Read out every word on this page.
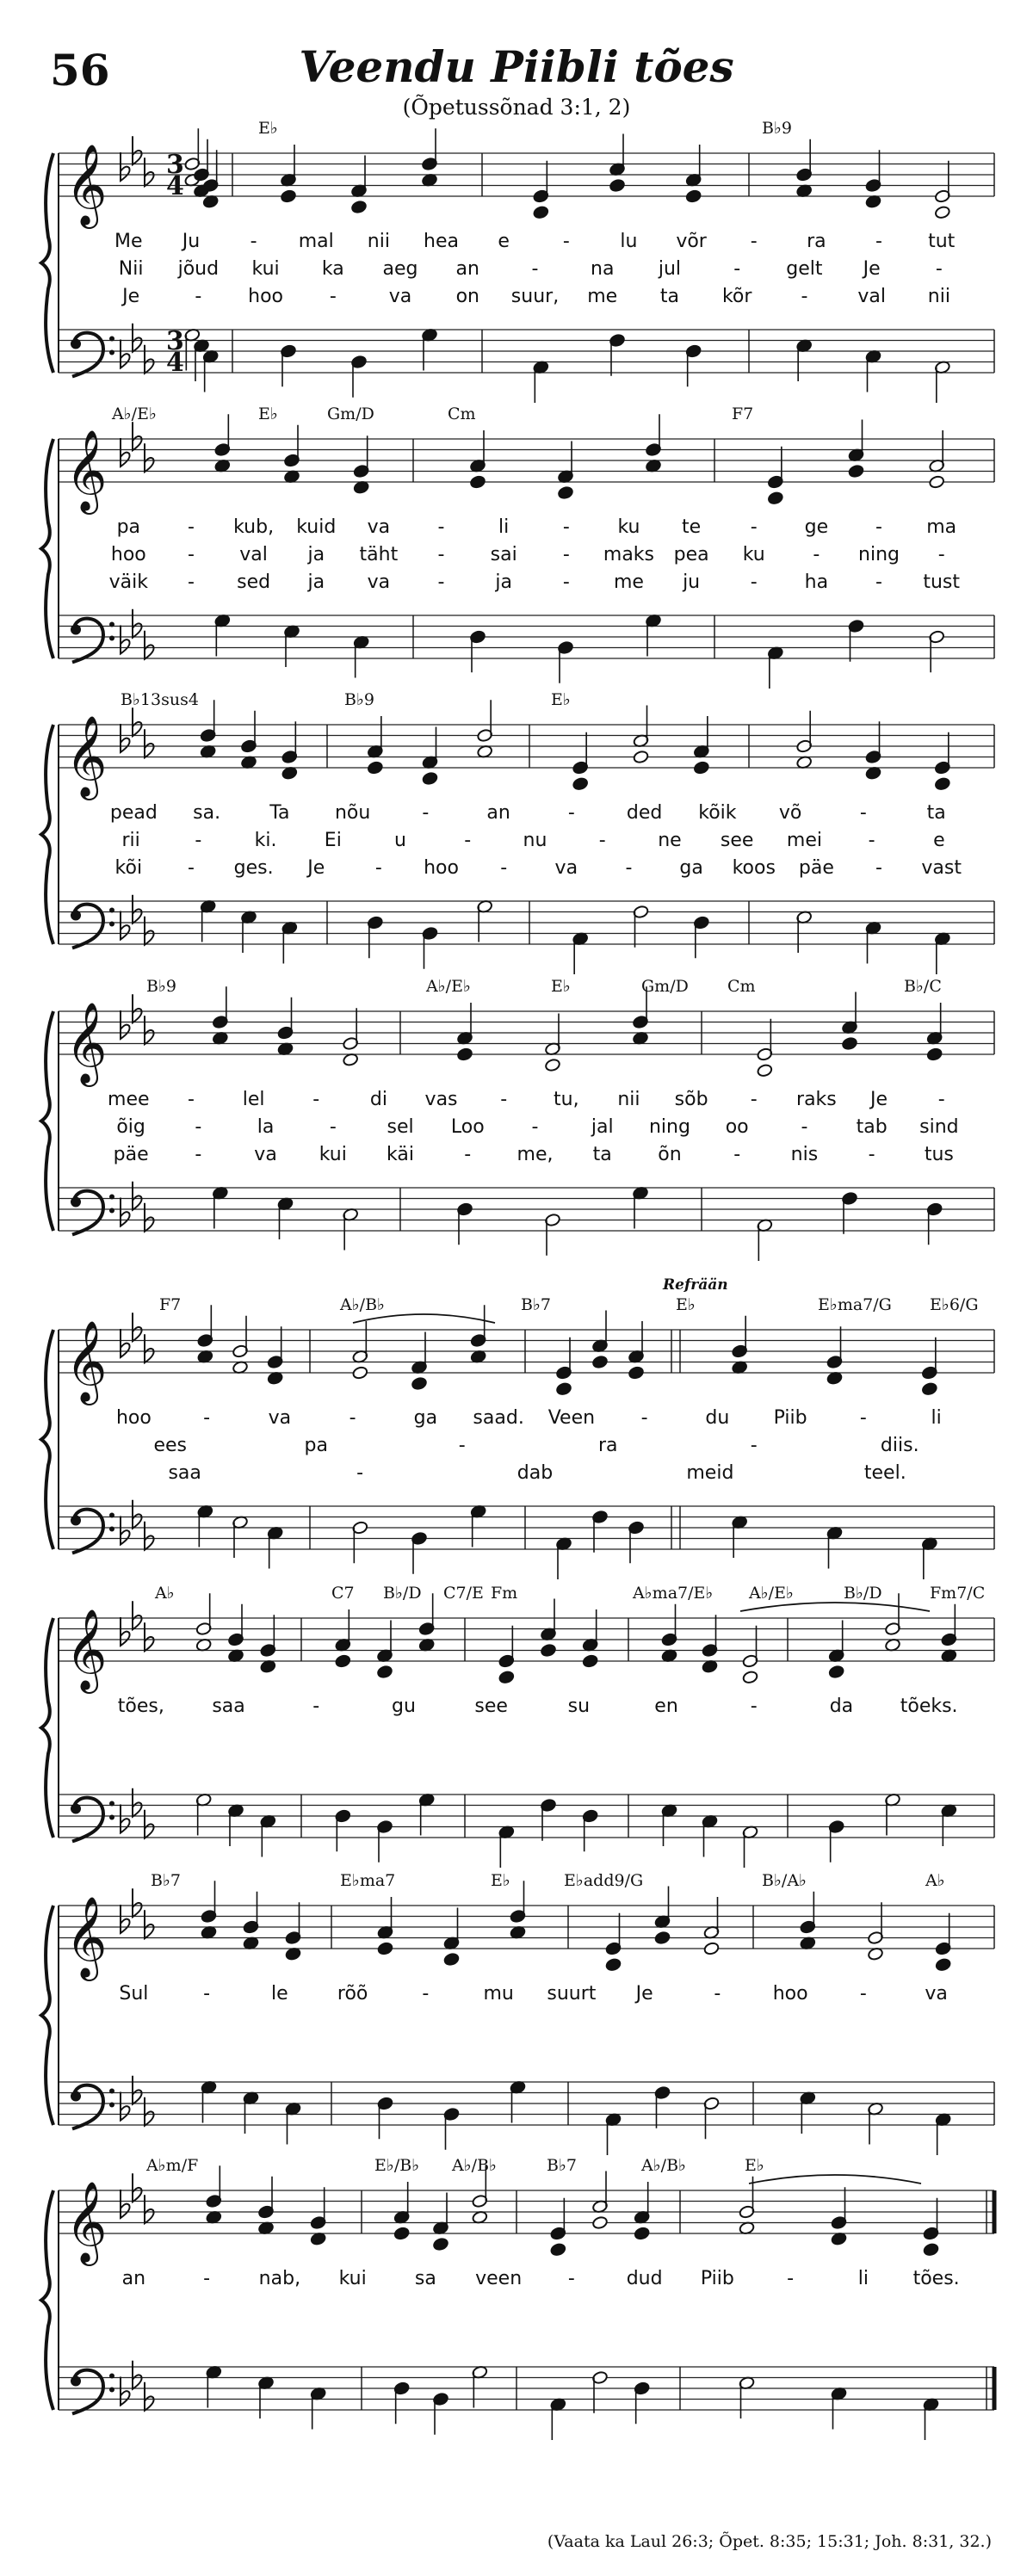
56	Veendu Piibli tões
(Õpetussõnad 3:1, 2)
𝄞 3
4
3
4
𝄞
𝄞
𝄞
𝄞
𝄞
𝄞
𝄞
E♭	B♭9
Me Ju	- mal nii hea e	-	lu võr -	ra	- tut
Nii jõud kui ka aeg an	-	na jul	- gelt Je	-
Je	- hoo -	va on suur, me ta kõr	-	val nii
A♭/E♭	E♭	Gm/D	Cm	F7
pa - kub, kuid va	-	li	-	ku te	- ge - ma
hoo - val ja täht - sai - maks pea ku	- ning -
väik - sed ja va	-	ja	- me ju	- ha - tust
B♭13sus4	B♭9	E♭
pead sa.	Ta nõu	-	an	-	ded kõik võ	-	ta
rii	-	ki.	Ei	u	-	nu	-	ne see mei -	e
kõi - ges. Je	- hoo -	va	- ga koos päe - vast
B♭9	A♭/E♭	E♭	Gm/D Cm	B♭/C
mee -	lel	-	di vas - tu, nii sõb - raks Je	-
õig	-	la	-	sel Loo -	jal ning oo	-	tab sind
päe -	va kui käi	- me, ta õn	-	nis	-	tus
F7	A♭/B♭	B♭7	E♭	E♭ma7/G E♭6/G
hoo	-	va	-	ga saad. Veen -	du Piib	-	li
ees	pa	-	ra	-	diis.
saa	-	dab	meid	teel.
A♭	C7 B♭/D C7/E Fm	A♭ma7/E♭ A♭/E♭	B♭/D	Fm7/C
tões,	saa	-	gu	see	su	en	-	da tõeks.
B♭7	E♭ma7	E♭	E♭add9/G	B♭/A♭	A♭
Sul	-	le	rõõ	-	mu suurt Je	-	hoo	-	va
A♭m/F	E♭/B♭ A♭/B♭	B♭7	A♭/B♭	E♭
an	-	nab, kui	sa veen -	dud Piib	-	li tões.
Refrään
(Vaata ka Laul 26:3; Õpet. 8:35; 15:31; Joh. 8:31, 32.)
